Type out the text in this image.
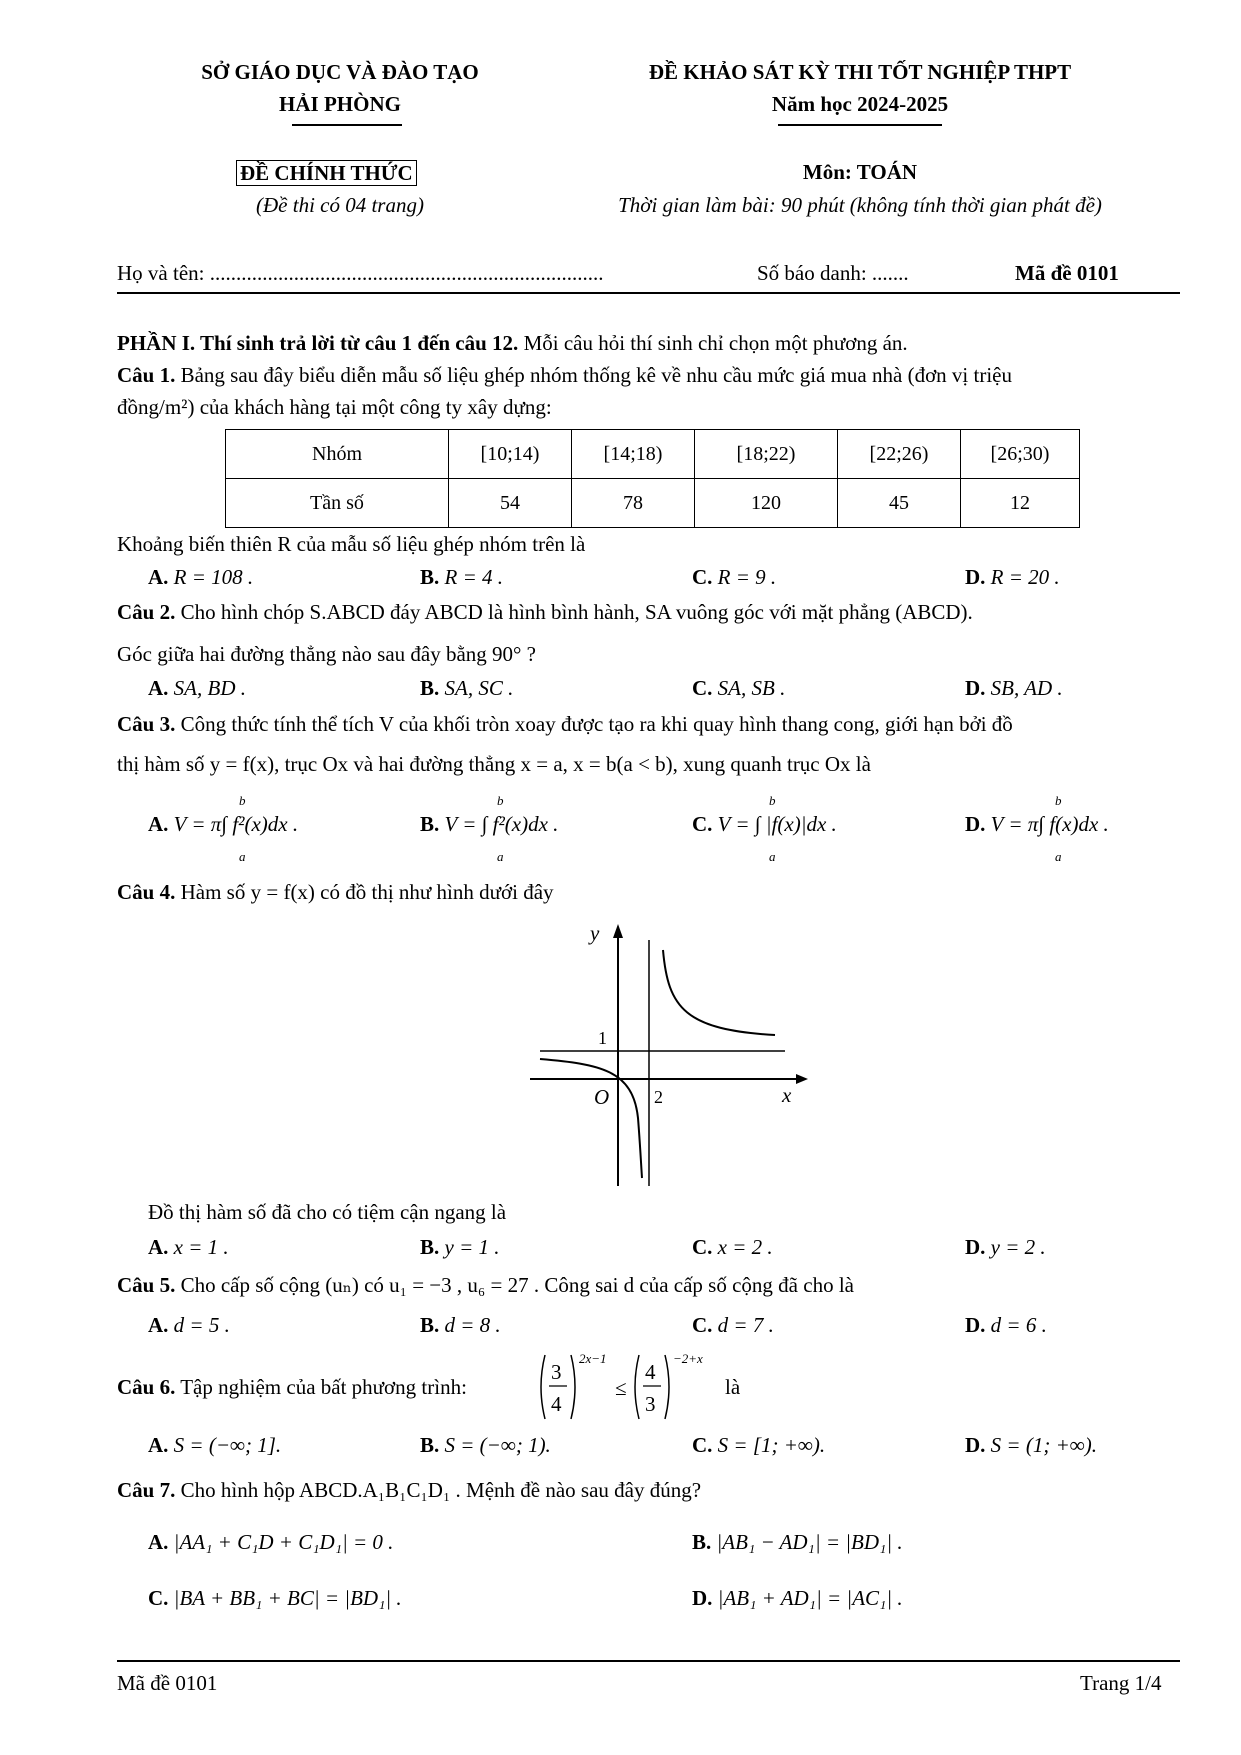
SỞ GIÁO DỤC VÀ ĐÀO TẠO
HẢI PHÒNG
ĐỀ KHẢO SÁT KỲ THI TỐT NGHIỆP THPT
Năm học 2024-2025
ĐỀ CHÍNH THỨC
(Đề thi có 04 trang)
Môn: TOÁN
Thời gian làm bài: 90 phút (không tính thời gian phát đề)
Họ và tên: ...........................................................................	Số báo danh: .......	Mã đề 0101
PHẦN I. Thí sinh trả lời từ câu 1 đến câu 12. Mỗi câu hỏi thí sinh chỉ chọn một phương án.
Câu 1. Bảng sau đây biểu diễn mẫu số liệu ghép nhóm thống kê về nhu cầu mức giá mua nhà (đơn vị triệu
đồng/m²) của khách hàng tại một công ty xây dựng:
Nhóm	[10;14)	[14;18)	[18;22)	[22;26)	[26;30)
Tần số	54	78	120	45	12
Khoảng biến thiên R của mẫu số liệu ghép nhóm trên là
A. R = 108 .	B. R = 4 .	C. R = 9 .	D. R = 20 .
Câu 2. Cho hình chóp S.ABCD đáy ABCD là hình bình hành, SA vuông góc với mặt phẳng (ABCD).
Góc giữa hai đường thẳng nào sau đây bằng 90° ?
A. SA, BD .	B. SA, SC .	C. SA, SB .	D. SB, AD .
Câu 3. Công thức tính thể tích V của khối tròn xoay được tạo ra khi quay hình thang cong, giới hạn bởi đồ
thị hàm số y = f(x), trục Ox và hai đường thẳng x = a, x = b(a < b), xung quanh trục Ox là
A. V = π∫ f²(x)dx .	B. V = ∫ f²(x)dx .	C. V = ∫ |f(x)|dx .	D. V = π∫ f(x)dx .
b
a
b
a
b
a
b
a
Câu 4. Hàm số y = f(x) có đồ thị như hình dưới đây
y
x
O
1
2
Đồ thị hàm số đã cho có tiệm cận ngang là
A. x = 1 .	B. y = 1 .	C. x = 2 .	D. y = 2 .
Câu 5. Cho cấp số cộng (uₙ) có u₁ = −3 , u₆ = 27 . Công sai d của cấp số cộng đã cho là
A. d = 5 .	B. d = 8 .	C. d = 7 .	D. d = 6 .
Câu 6. Tập nghiệm của bất phương trình:
3
4
2x−1
≤
4
3
−2+x
là
A. S = (−∞; 1].	B. S = (−∞; 1).	C. S = [1; +∞).	D. S = (1; +∞).
Câu 7. Cho hình hộp ABCD.A₁B₁C₁D₁ . Mệnh đề nào sau đây đúng?
A. |AA₁ + C₁D + C₁D₁| = 0 .	B. |AB₁ − AD₁| = |BD₁| .
C. |BA + BB₁ + BC| = |BD₁| .	D. |AB₁ + AD₁| = |AC₁| .
Mã đề 0101	Trang 1/4
